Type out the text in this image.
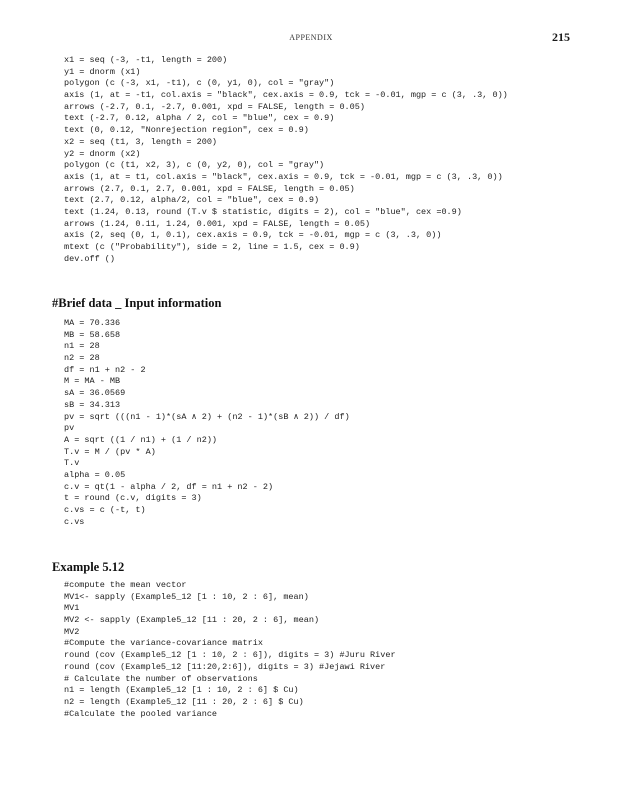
APPENDIX	215
x1 = seq (-3, -t1, length = 200)
y1 = dnorm (x1)
polygon (c (-3, x1, -t1), c (0, y1, 0), col = "gray")
axis (1, at = -t1, col.axis = "black", cex.axis = 0.9, tck = -0.01, mgp = c (3, .3, 0))
arrows (-2.7, 0.1, -2.7, 0.001, xpd = FALSE, length = 0.05)
text (-2.7, 0.12, alpha / 2, col = "blue", cex = 0.9)
text (0, 0.12, "Nonrejection region", cex = 0.9)
x2 = seq (t1, 3, length = 200)
y2 = dnorm (x2)
polygon (c (t1, x2, 3), c (0, y2, 0), col = "gray")
axis (1, at = t1, col.axis = "black", cex.axis = 0.9, tck = -0.01, mgp = c (3, .3, 0))
arrows (2.7, 0.1, 2.7, 0.001, xpd = FALSE, length = 0.05)
text (2.7, 0.12, alpha/2, col = "blue", cex = 0.9)
text (1.24, 0.13, round (T.v $ statistic, digits = 2), col = "blue", cex =0.9)
arrows (1.24, 0.11, 1.24, 0.001, xpd = FALSE, length = 0.05)
axis (2, seq (0, 1, 0.1), cex.axis = 0.9, tck = -0.01, mgp = c (3, .3, 0))
mtext (c ("Probability"), side = 2, line = 1.5, cex = 0.9)
dev.off ()
#Brief data _ Input information
MA = 70.336
MB = 58.658
n1 = 28
n2 = 28
df = n1 + n2 - 2
M = MA - MB
sA = 36.0569
sB = 34.313
pv = sqrt (((n1 - 1)*(sA ∧ 2) + (n2 - 1)*(sB ∧ 2)) / df)
pv
A = sqrt ((1 / n1) + (1 / n2))
T.v = M / (pv * A)
T.v
alpha = 0.05
c.v = qt(1 - alpha / 2, df = n1 + n2 - 2)
t = round (c.v, digits = 3)
c.vs = c (-t, t)
c.vs
Example 5.12
#compute the mean vector
MV1<- sapply (Example5_12 [1 : 10, 2 : 6], mean)
MV1
MV2 <- sapply (Example5_12 [11 : 20, 2 : 6], mean)
MV2
#Compute the variance-covariance matrix
round (cov (Example5_12 [1 : 10, 2 : 6]), digits = 3) #Juru River
round (cov (Example5_12 [11:20,2:6]), digits = 3) #Jejawi River
# Calculate the number of observations
n1 = length (Example5_12 [1 : 10, 2 : 6] $ Cu)
n2 = length (Example5_12 [11 : 20, 2 : 6] $ Cu)
#Calculate the pooled variance
